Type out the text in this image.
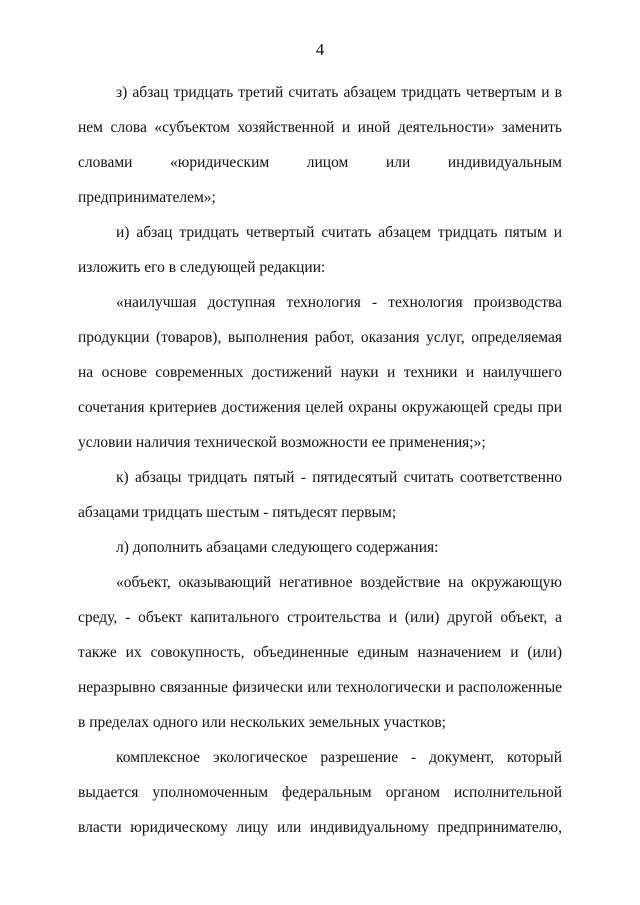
4

з) абзац тридцать третий считать абзацем тридцать четвертым и в нем слова «субъектом хозяйственной и иной деятельности» заменить словами «юридическим лицом или индивидуальным предпринимателем»;

и) абзац тридцать четвертый считать абзацем тридцать пятым и изложить его в следующей редакции:

«наилучшая доступная технология - технология производства продукции (товаров), выполнения работ, оказания услуг, определяемая на основе современных достижений науки и техники и наилучшего сочетания критериев достижения целей охраны окружающей среды при условии наличия технической возможности ее применения;»;

к) абзацы тридцать пятый - пятидесятый считать соответственно абзацами тридцать шестым - пятьдесят первым;

л) дополнить абзацами следующего содержания:

«объект, оказывающий негативное воздействие на окружающую среду, - объект капитального строительства и (или) другой объект, а также их совокупность, объединенные единым назначением и (или) неразрывно связанные физически или технологически и расположенные в пределах одного или нескольких земельных участков;

комплексное экологическое разрешение - документ, который выдается уполномоченным федеральным органом исполнительной власти юридическому лицу или индивидуальному предпринимателю,
